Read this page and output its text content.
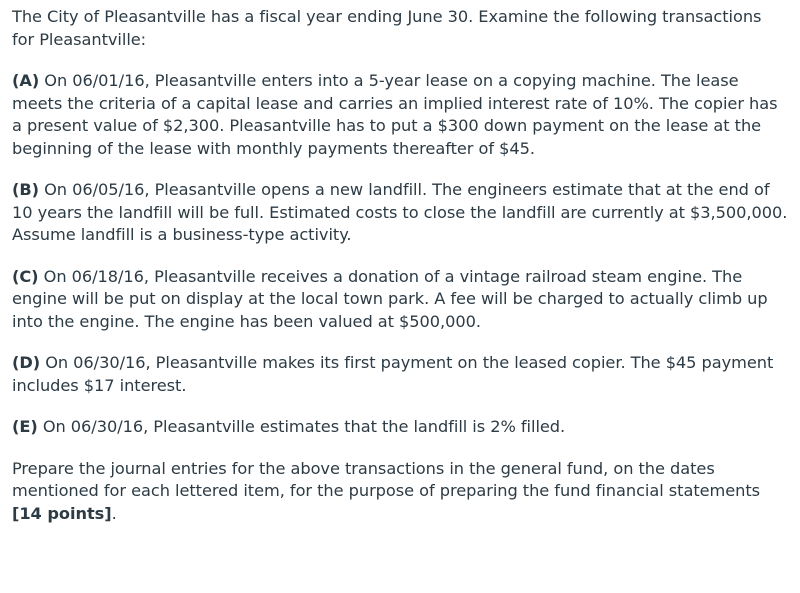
The City of Pleasantville has a fiscal year ending June 30. Examine the following transactions for Pleasantville:

(A) On 06/01/16, Pleasantville enters into a 5-year lease on a copying machine. The lease meets the criteria of a capital lease and carries an implied interest rate of 10%. The copier has a present value of $2,300. Pleasantville has to put a $300 down payment on the lease at the beginning of the lease with monthly payments thereafter of $45.

(B) On 06/05/16, Pleasantville opens a new landfill. The engineers estimate that at the end of 10 years the landfill will be full. Estimated costs to close the landfill are currently at $3,500,000. Assume landfill is a business-type activity.

(C) On 06/18/16, Pleasantville receives a donation of a vintage railroad steam engine. The engine will be put on display at the local town park. A fee will be charged to actually climb up into the engine. The engine has been valued at $500,000.

(D) On 06/30/16, Pleasantville makes its first payment on the leased copier. The $45 payment includes $17 interest.

(E) On 06/30/16, Pleasantville estimates that the landfill is 2% filled.

Prepare the journal entries for the above transactions in the general fund, on the dates mentioned for each lettered item, for the purpose of preparing the fund financial statements [14 points].
